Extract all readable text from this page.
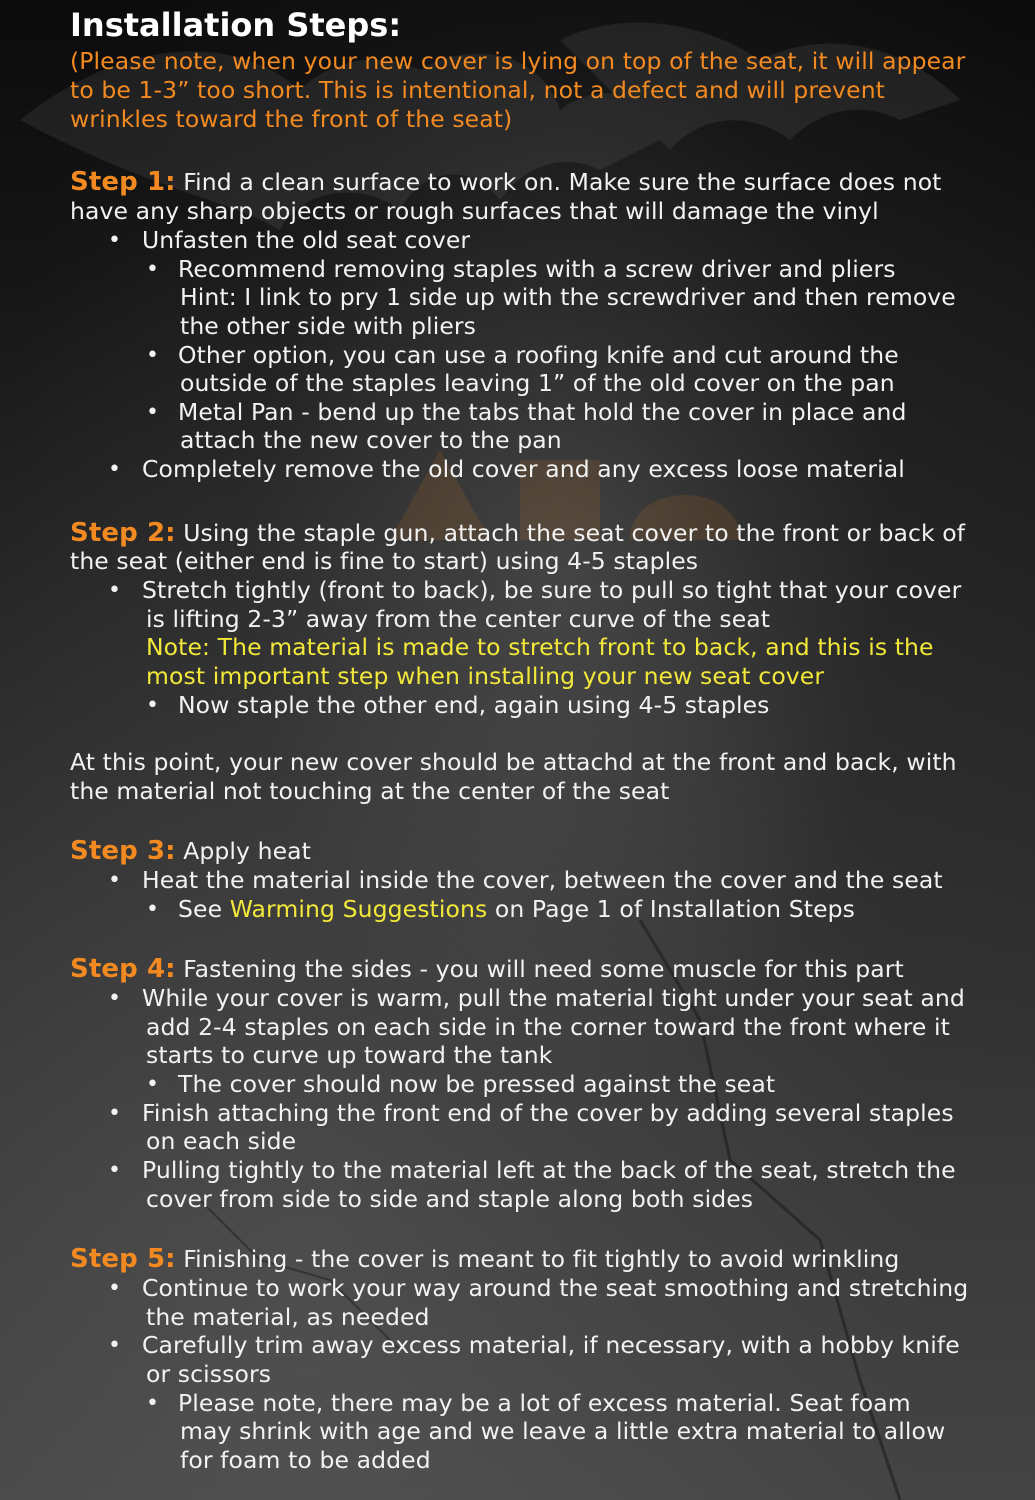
Installation Steps:
(Please note, when your new cover is lying on top of the seat, it will appear
to be 1-3” too short. This is intentional, not a defect and will prevent
wrinkles toward the front of the seat)
Step 1: Find a clean surface to work on. Make sure the surface does not
have any sharp objects or rough surfaces that will damage the vinyl
• Unfasten the old seat cover
• Recommend removing staples with a screw driver and pliers
Hint: I link to pry 1 side up with the screwdriver and then remove
the other side with pliers
• Other option, you can use a roofing knife and cut around the
outside of the staples leaving 1” of the old cover on the pan
• Metal Pan - bend up the tabs that hold the cover in place and
attach the new cover to the pan
• Completely remove the old cover and any excess loose material
Step 2: Using the staple gun, attach the seat cover to the front or back of
the seat (either end is fine to start) using 4-5 staples
• Stretch tightly (front to back), be sure to pull so tight that your cover
is lifting 2-3” away from the center curve of the seat
Note: The material is made to stretch front to back, and this is the
most important step when installing your new seat cover
• Now staple the other end, again using 4-5 staples
At this point, your new cover should be attachd at the front and back, with
the material not touching at the center of the seat
Step 3: Apply heat
• Heat the material inside the cover, between the cover and the seat
• See Warming Suggestions on Page 1 of Installation Steps
Step 4: Fastening the sides - you will need some muscle for this part
• While your cover is warm, pull the material tight under your seat and
add 2-4 staples on each side in the corner toward the front where it
starts to curve up toward the tank
• The cover should now be pressed against the seat
• Finish attaching the front end of the cover by adding several staples
on each side
• Pulling tightly to the material left at the back of the seat, stretch the
cover from side to side and staple along both sides
Step 5: Finishing - the cover is meant to fit tightly to avoid wrinkling
• Continue to work your way around the seat smoothing and stretching
the material, as needed
• Carefully trim away excess material, if necessary, with a hobby knife
or scissors
• Please note, there may be a lot of excess material. Seat foam
may shrink with age and we leave a little extra material to allow
for foam to be added
